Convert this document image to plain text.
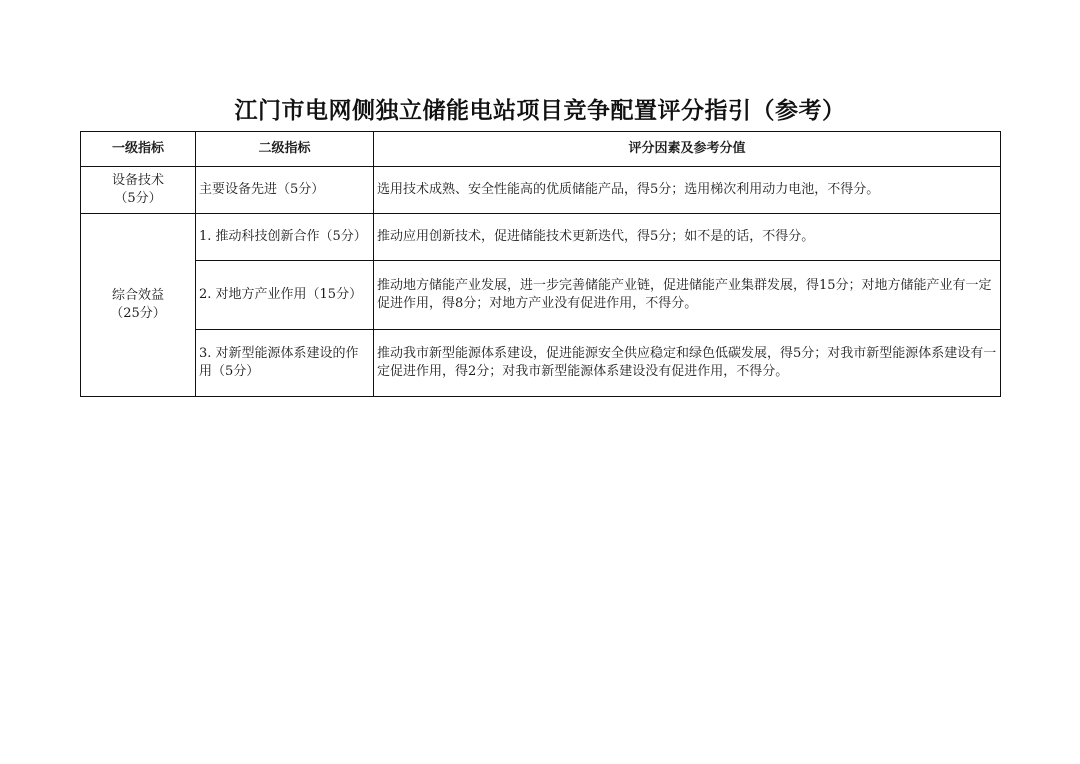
江门市电网侧独立储能电站项目竞争配置评分指引（参考）
一级指标	二级指标	评分因素及参考分值

设备技术
（5分）	主要设备先进（5分）	选用技术成熟、安全性能高的优质储能产品，得5分；选用梯次利用动力电池，不得分。

综合效益
（25分）	1. 推动科技创新合作（5分）	推动应用创新技术，促进储能技术更新迭代，得5分；如不是的话，不得分。
	2. 对地方产业作用（15分）	推动地方储能产业发展，进一步完善储能产业链，促进储能产业集群发展，得15分；对地方储能产业有一定促进作用，得8分；对地方产业没有促进作用，不得分。
	3. 对新型能源体系建设的作用（5分）	推动我市新型能源体系建设，促进能源安全供应稳定和绿色低碳发展，得5分；对我市新型能源体系建设有一定促进作用，得2分；对我市新型能源体系建设没有促进作用，不得分。
